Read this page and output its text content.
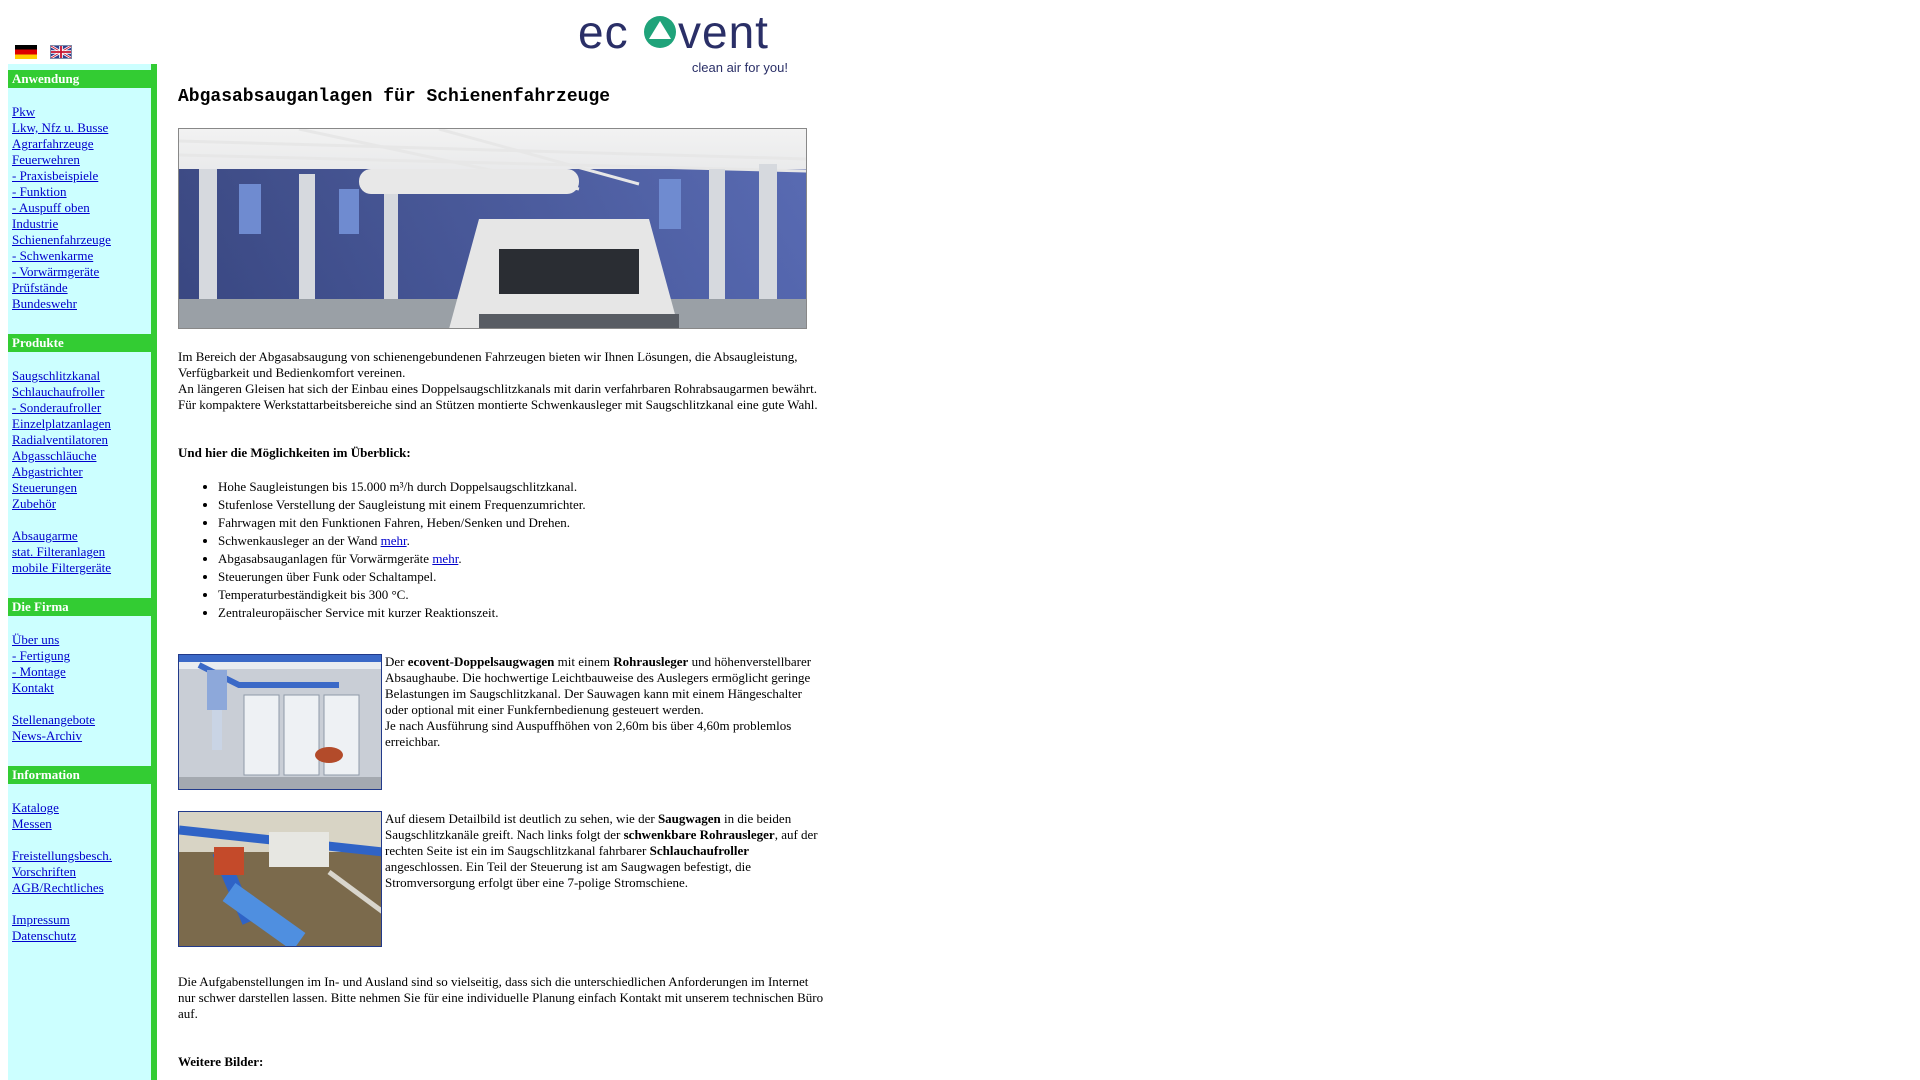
ec vent
clean air for you!
Anwendung
Pkw
Lkw, Nfz u. Busse
Agrarfahrzeuge
Feuerwehren
- Praxisbeispiele
- Funktion
- Auspuff oben
Industrie
Schienenfahrzeuge
- Schwenkarme
- Vorwärmgeräte
Prüfstände
Bundeswehr
Produkte
Saugschlitzkanal
Schlauchaufroller
- Sonderaufroller
Einzelplatzanlagen
Radialventilatoren
Abgasschläuche
Abgastrichter
Steuerungen
Zubehör
Absaugarme
stat. Filteranlagen
mobile Filtergeräte
Die Firma
Über uns
- Fertigung
- Montage
Kontakt
Stellenangebote
News-Archiv
Information
Kataloge
Messen
Freistellungsbesch.
Vorschriften
AGB/Rechtliches
Impressum
Datenschutz
Abgasabsauganlagen für Schienenfahrzeuge

Im Bereich der Abgasabsaugung von schienengebundenen Fahrzeugen bieten wir Ihnen Lösungen, die Absaugleistung, Verfügbarkeit und Bedienkomfort vereinen.
An längeren Gleisen hat sich der Einbau eines Doppelsaugschlitzkanals mit darin verfahrbaren Rohrabsaugarmen bewährt.
Für kompaktere Werkstattarbeitsbereiche sind an Stützen montierte Schwenkausleger mit Saugschlitzkanal eine gute Wahl.

Und hier die Möglichkeiten im Überblick:
• Hohe Saugleistungen bis 15.000 m³/h durch Doppelsaugschlitzkanal.
• Stufenlose Verstellung der Saugleistung mit einem Frequenzumrichter.
• Fahrwagen mit den Funktionen Fahren, Heben/Senken und Drehen.
• Schwenkausleger an der Wand mehr.
• Abgasabsauganlagen für Vorwärmgeräte mehr.
• Steuerungen über Funk oder Schaltampel.
• Temperaturbeständigkeit bis 300 °C.
• Zentraleuropäischer Service mit kurzer Reaktionszeit.
Der ecovent-Doppelsaugwagen mit einem Rohrausleger und höhenverstellbarer Absaughaube. Die hochwertige Leichtbauweise des Auslegers ermöglicht geringe Belastungen im Saugschlitzkanal. Der Sauwagen kann mit einem Hängeschalter oder optional mit einer Funkfernbedienung gesteuert werden.
Je nach Ausführung sind Auspuffhöhen von 2,60m bis über 4,60m problemlos erreichbar.
Auf diesem Detailbild ist deutlich zu sehen, wie der Saugwagen in die beiden Saugschlitzkanäle greift. Nach links folgt der schwenkbare Rohrausleger, auf der rechten Seite ist ein im Saugschlitzkanal fahrbarer Schlauchaufroller angeschlossen. Ein Teil der Steuerung ist am Saugwagen befestigt, die Stromversorgung erfolgt über eine 7-polige Stromschiene.

Die Aufgabenstellungen im In- und Ausland sind so vielseitig, dass sich die unterschiedlichen Anforderungen im Internet nur schwer darstellen lassen. Bitte nehmen Sie für eine individuelle Planung einfach Kontakt mit unserem technischen Büro auf.

Weitere Bilder:
